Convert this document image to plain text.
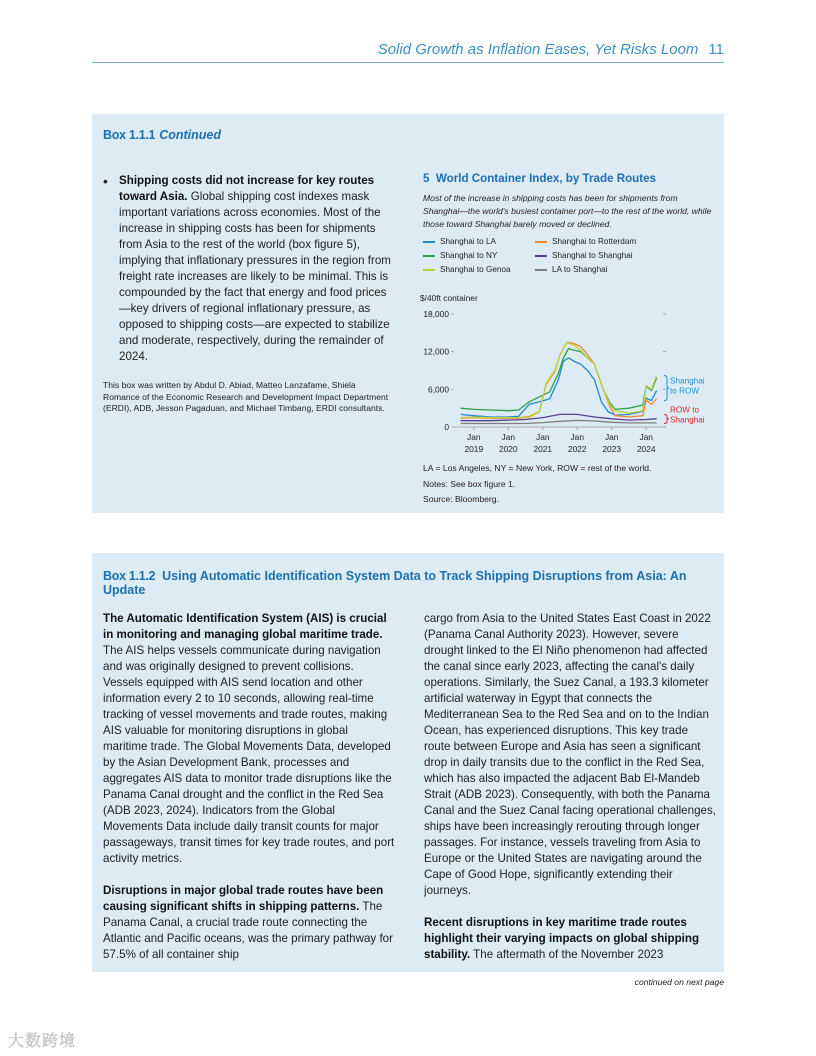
Solid Growth as Inflation Eases, Yet Risks Loom 11
Box 1.1.1 Continued
• Shipping costs did not increase for key routes toward Asia. Global shipping cost indexes mask important variations across economies. Most of the increase in shipping costs has been for shipments from Asia to the rest of the world (box figure 5), implying that inflationary pressures in the region from freight rate increases are likely to be minimal. This is compounded by the fact that energy and food prices—key drivers of regional inflationary pressure, as opposed to shipping costs—are expected to stabilize and moderate, respectively, during the remainder of 2024.
This box was written by Abdul D. Abiad, Matteo Lanzafame, Shiela Romance of the Economic Research and Development Impact Department (ERDI), ADB, Jesson Pagaduan, and Michael Timbang, ERDI consultants.
5 World Container Index, by Trade Routes
Most of the increase in shipping costs has been for shipments from Shanghai—the world's busiest container port—to the rest of the world, while those toward Shanghai barely moved or declined.
Shanghai to LA	Shanghai to Rotterdam
Shanghai to NY	Shanghai to Shanghai
Shanghai to Genoa	LA to Shanghai
$/40ft container
0
6,000
12,000
18,000
Jan
2019
Jan
2020
Jan
2021
Jan
2022
Jan
2023
Jan
2024
Shanghai
to ROW
ROW to
Shanghai
LA = Los Angeles, NY = New York, ROW = rest of the world.
Notes: See box figure 1.
Source: Bloomberg.
Box 1.1.2 Using Automatic Identification System Data to Track Shipping Disruptions from Asia: An Update

The Automatic Identification System (AIS) is crucial in monitoring and managing global maritime trade. The AIS helps vessels communicate during navigation and was originally designed to prevent collisions. Vessels equipped with AIS send location and other information every 2 to 10 seconds, allowing real-time tracking of vessel movements and trade routes, making AIS valuable for monitoring disruptions in global maritime trade. The Global Movements Data, developed by the Asian Development Bank, processes and aggregates AIS data to monitor trade disruptions like the Panama Canal drought and the conflict in the Red Sea (ADB 2023, 2024). Indicators from the Global Movements Data include daily transit counts for major passageways, transit times for key trade routes, and port activity metrics.

Disruptions in major global trade routes have been causing significant shifts in shipping patterns. The Panama Canal, a crucial trade route connecting the Atlantic and Pacific oceans, was the primary pathway for 57.5% of all container ship

cargo from Asia to the United States East Coast in 2022 (Panama Canal Authority 2023). However, severe drought linked to the El Niño phenomenon had affected the canal since early 2023, affecting the canal's daily operations. Similarly, the Suez Canal, a 193.3 kilometer artificial waterway in Egypt that connects the Mediterranean Sea to the Red Sea and on to the Indian Ocean, has experienced disruptions. This key trade route between Europe and Asia has seen a significant drop in daily transits due to the conflict in the Red Sea, which has also impacted the adjacent Bab El-Mandeb Strait (ADB 2023). Consequently, with both the Panama Canal and the Suez Canal facing operational challenges, ships have been increasingly rerouting through longer passages. For instance, vessels traveling from Asia to Europe or the United States are navigating around the Cape of Good Hope, significantly extending their journeys.

Recent disruptions in key maritime trade routes highlight their varying impacts on global shipping stability. The aftermath of the November 2023

continued on next page
大数跨境
